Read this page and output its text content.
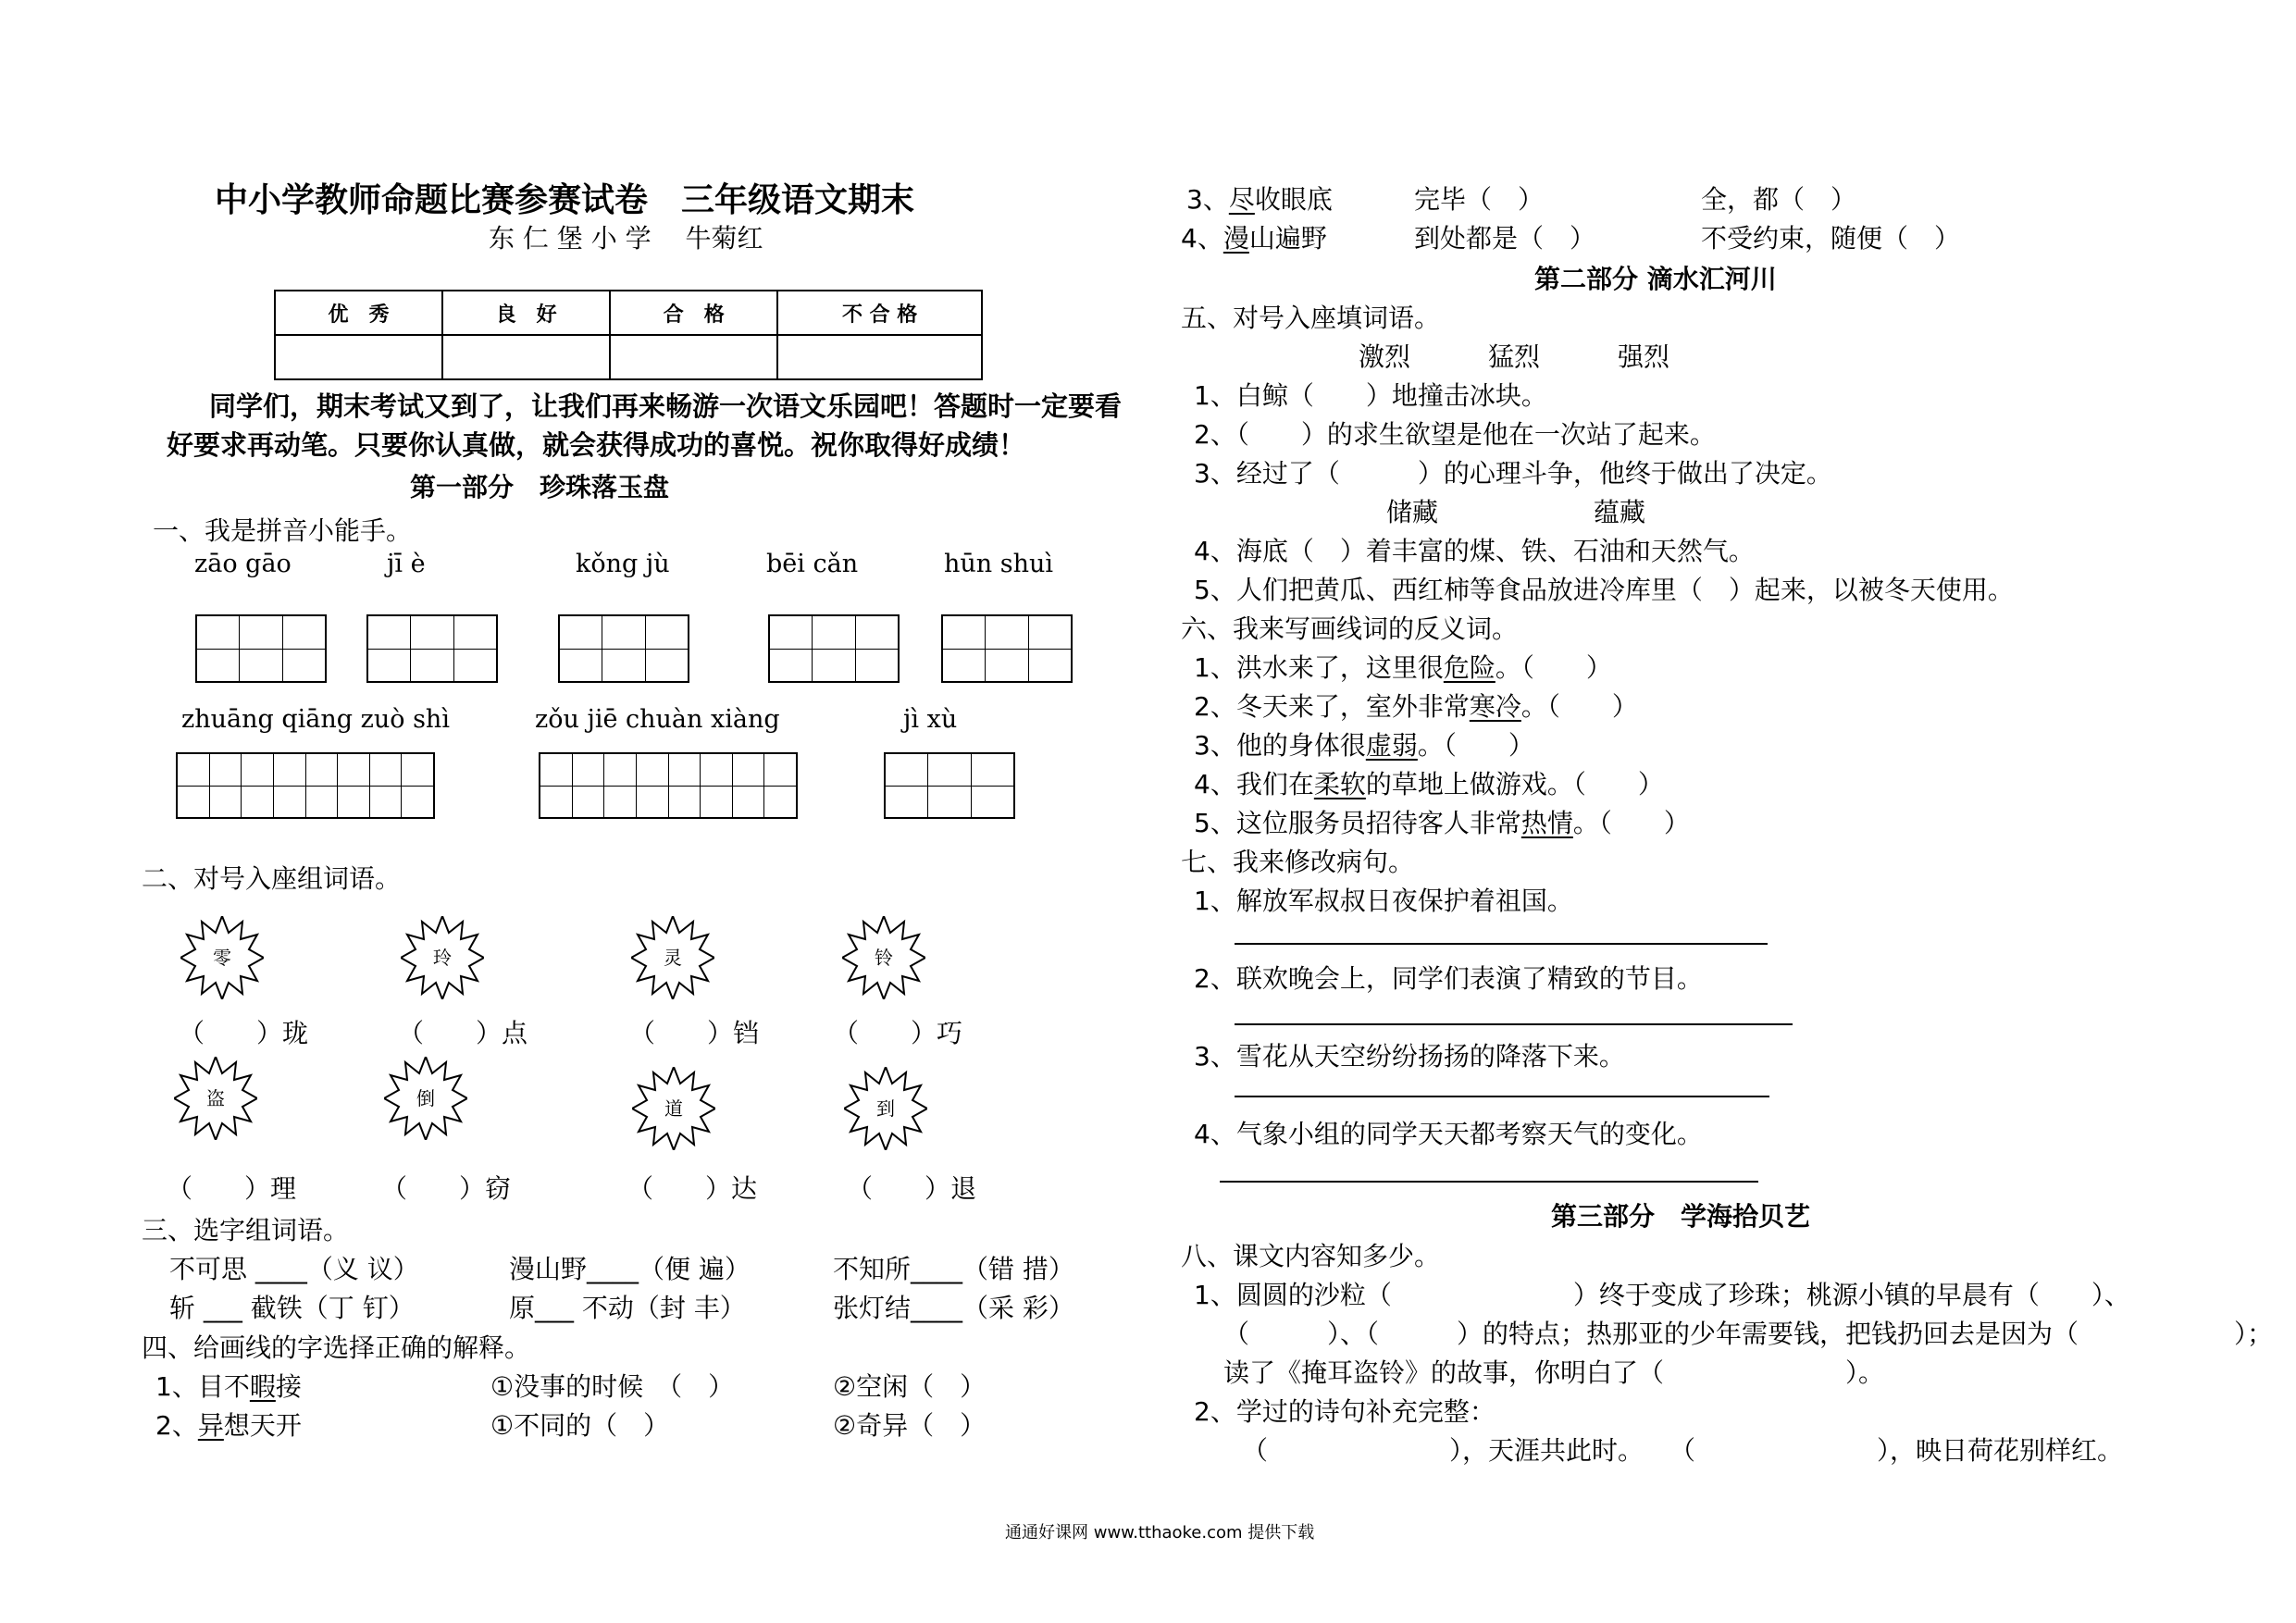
中小学教师命题比赛参赛试卷　三年级语文期末
东 仁 堡 小 学　 牛菊红
优　秀	良　好	合　格	不 合 格

同学们，期末考试又到了，让我们再来畅游一次语文乐园吧！答题时一定要看
好要求再动笔。只要你认真做，就会获得成功的喜悦。祝你取得好成绩！
第一部分　珍珠落玉盘
一、我是拼音小能手。
zāo gāo	jī è	kǒng jù	bēi cǎn	hūn shuì
zhuāng qiāng zuò shì	zǒu jiē chuàn xiàng	jì xù
二、对号入座组词语。
零	玲	灵	铃
（　　）珑	（　　）点	（　　）铛	（　　）巧
盗	倒	道	到
（　　）理	（　　）窃	（　　）达	（　　）退
三、选字组词语。
不可思 ____（义 议）	漫山野____（便 遍）	不知所____（错 措）
斩 ___ 截铁（丁 钉）	原___ 不动（封 丰）	张灯结____（采 彩）
四、给画线的字选择正确的解释。
1、目不暇接	①没事的时候　（　）	②空闲（　）
2、异想天开	①不同的（　）	②奇异（　）
3、尽收眼底	完毕（　）	全，都（　）
4、漫山遍野	到处都是（　）	不受约束，随便（　）
第二部分 滴水汇河川
五、对号入座填词语。
激烈　　　猛烈　　　强烈
1、白鲸（　　）地撞击冰块。
2、（　　）的求生欲望是他在一次站了起来。
3、经过了（　　　）的心理斗争，他终于做出了决定。
储藏　　　　　　蕴藏
4、海底（　）着丰富的煤、铁、石油和天然气。
5、人们把黄瓜、西红柿等食品放进冷库里（　）起来，以被冬天使用。
六、我来写画线词的反义词。
1、洪水来了，这里很危险。（　　）
2、冬天来了，室外非常寒冷。（　　）
3、他的身体很虚弱。（　　）
4、我们在柔软的草地上做游戏。（　　）
5、这位服务员招待客人非常热情。（　　）
七、我来修改病句。
1、解放军叔叔日夜保护着祖国。
2、联欢晚会上，同学们表演了精致的节目。
3、雪花从天空纷纷扬扬的降落下来。
4、气象小组的同学天天都考察天气的变化。
第三部分　学海拾贝艺
八、课文内容知多少。
1、圆圆的沙粒（　　　　　　　）终于变成了珍珠；桃源小镇的早晨有（　　）、
（　　　）、（　　　）的特点；热那亚的少年需要钱，把钱扔回去是因为（　　　　　　）；
读了《掩耳盗铃》的故事，你明白了（　　　　　　　）。
2、学过的诗句补充完整：
（　　　　　　　），天涯共此时。　　（　　　　　　　），映日荷花别样红。
通通好课网 www.tthaoke.com 提供下载
